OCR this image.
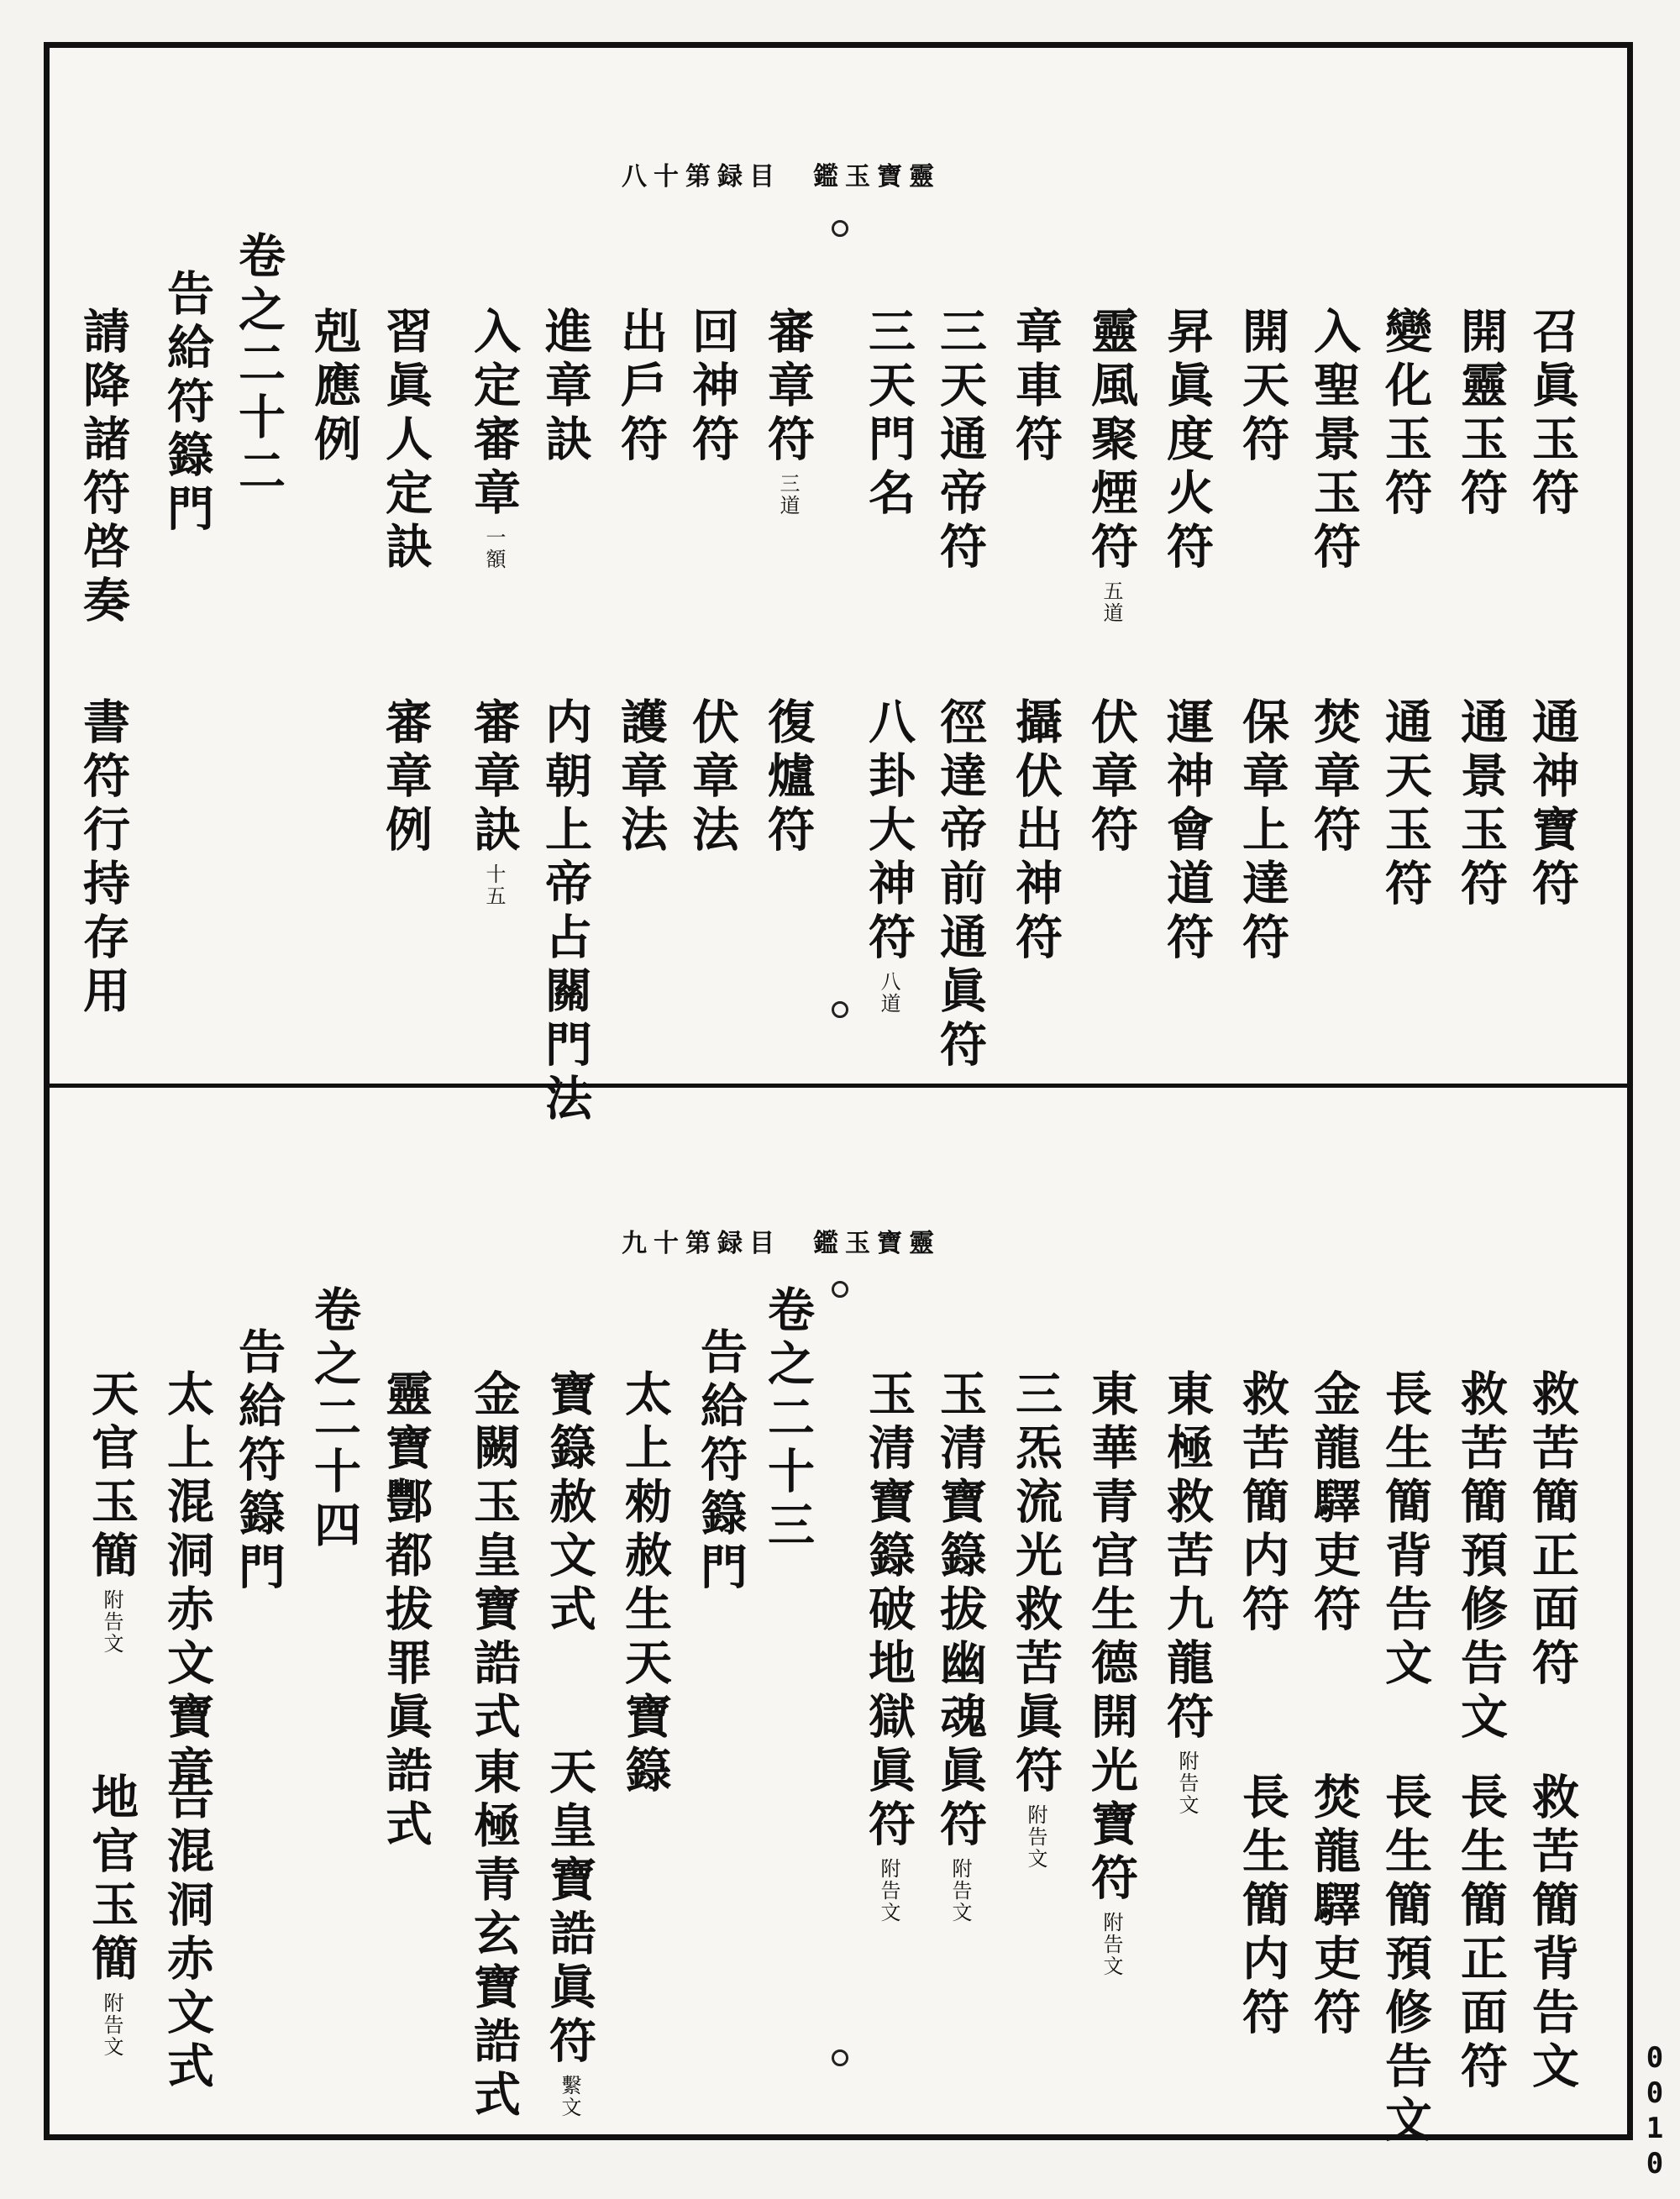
靈寶玉鑑　目録第十八
召眞玉符
開靈玉符
變化玉符
入聖景玉符
開天符
昇眞度火符
靈風聚煙符五道
章車符
三天通帝符
三天門名
審章符三道
回神符
出戶符
進章訣
入定審章一額
習眞人定訣
剋應例
卷之二十二
告給符籙門
請降諸符啓奏
通神寶符
通景玉符
通天玉符
焚章符
保章上達符
運神會道符
伏章符
攝伏出神符
徑達帝前通眞符
八卦大神符八道
復爐符
伏章法
護章法
内朝上帝占關門法
審章訣十五
審章例
書符行持存用
靈寶玉鑑　目録第十九
救苦簡正面符
救苦簡預修告文
長生簡背告文
金龍驛吏符
救苦簡内符
東極救苦九龍符附告文
東華青宫生德開光寶符附告文
三炁流光救苦眞符附告文
玉清寶籙拔幽魂眞符附告文
玉清寶籙破地獄眞符附告文
卷之二十三
告給符籙門
太上勑赦生天寶籙
寶籙赦文式
金闕玉皇寶誥式
靈寶酆都拔罪眞誥式
卷之二十四
告給符籙門
太上混洞赤文寶章
天官玉簡附告文
救苦簡背告文
長生簡正面符
長生簡預修告文
焚龍驛吏符
長生簡内符
天皇寶誥眞符繫文
東極青玄寶誥式
告混洞赤文式
地官玉簡附告文
0010
